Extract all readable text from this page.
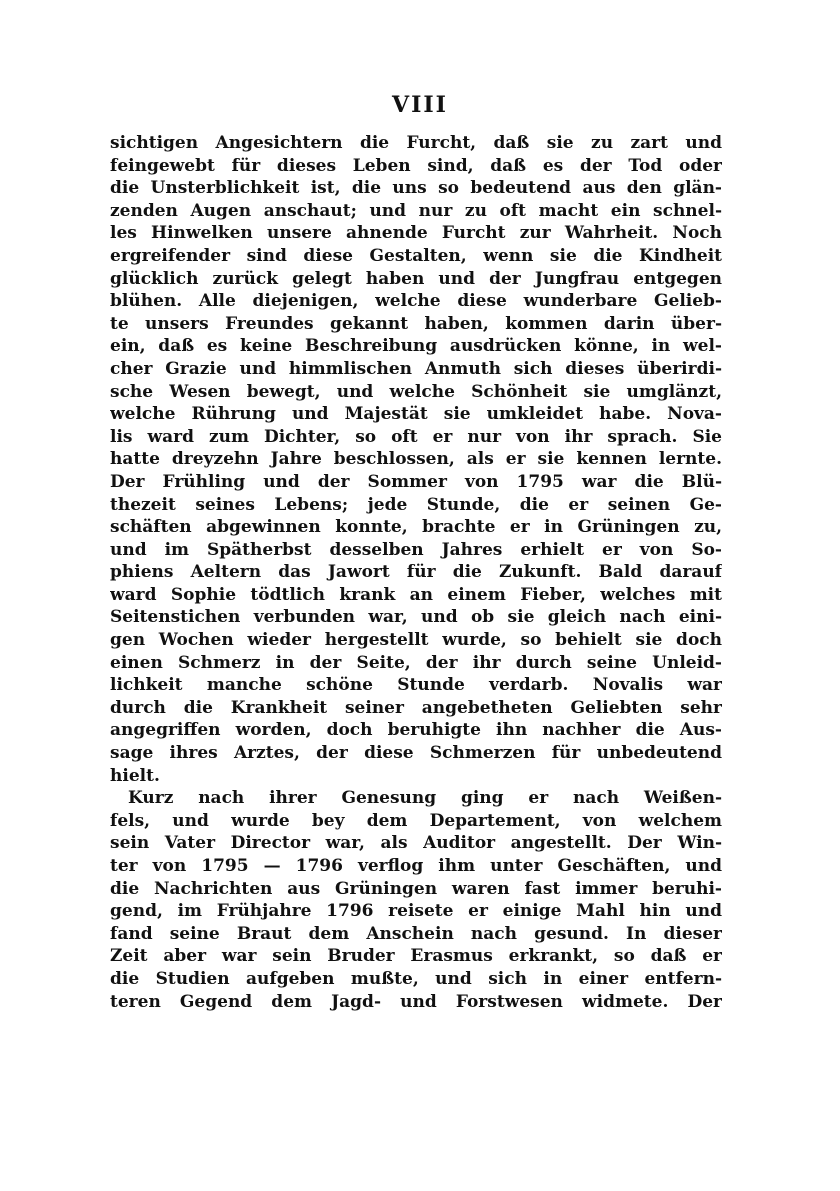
VIII
sichtigen Angesichtern die Furcht, daß sie zu zart und
feingewebt für dieses Leben sind, daß es der Tod oder
die Unsterblichkeit ist, die uns so bedeutend aus den glän-
zenden Augen anschaut; und nur zu oft macht ein schnel-
les Hinwelken unsere ahnende Furcht zur Wahrheit. Noch
ergreifender sind diese Gestalten, wenn sie die Kindheit
glücklich zurück gelegt haben und der Jungfrau entgegen
blühen. Alle diejenigen, welche diese wunderbare Gelieb-
te unsers Freundes gekannt haben, kommen darin über-
ein, daß es keine Beschreibung ausdrücken könne, in wel-
cher Grazie und himmlischen Anmuth sich dieses überirdi-
sche Wesen bewegt, und welche Schönheit sie umglänzt,
welche Rührung und Majestät sie umkleidet habe. Nova-
lis ward zum Dichter, so oft er nur von ihr sprach. Sie
hatte dreyzehn Jahre beschlossen, als er sie kennen lernte.
Der Frühling und der Sommer von 1795 war die Blü-
thezeit seines Lebens; jede Stunde, die er seinen Ge-
schäften abgewinnen konnte, brachte er in Grüningen zu,
und im Spätherbst desselben Jahres erhielt er von So-
phiens Aeltern das Jawort für die Zukunft. Bald darauf
ward Sophie tödtlich krank an einem Fieber, welches mit
Seitenstichen verbunden war, und ob sie gleich nach eini-
gen Wochen wieder hergestellt wurde, so behielt sie doch
einen Schmerz in der Seite, der ihr durch seine Unleid-
lichkeit manche schöne Stunde verdarb. Novalis war
durch die Krankheit seiner angebetheten Geliebten sehr
angegriffen worden, doch beruhigte ihn nachher die Aus-
sage ihres Arztes, der diese Schmerzen für unbedeutend
hielt.
Kurz nach ihrer Genesung ging er nach Weißen-
fels, und wurde bey dem Departement, von welchem
sein Vater Director war, als Auditor angestellt. Der Win-
ter von 1795 — 1796 verflog ihm unter Geschäften, und
die Nachrichten aus Grüningen waren fast immer beruhi-
gend, im Frühjahre 1796 reisete er einige Mahl hin und
fand seine Braut dem Anschein nach gesund. In dieser
Zeit aber war sein Bruder Erasmus erkrankt, so daß er
die Studien aufgeben mußte, und sich in einer entfern-
teren Gegend dem Jagd- und Forstwesen widmete. Der
